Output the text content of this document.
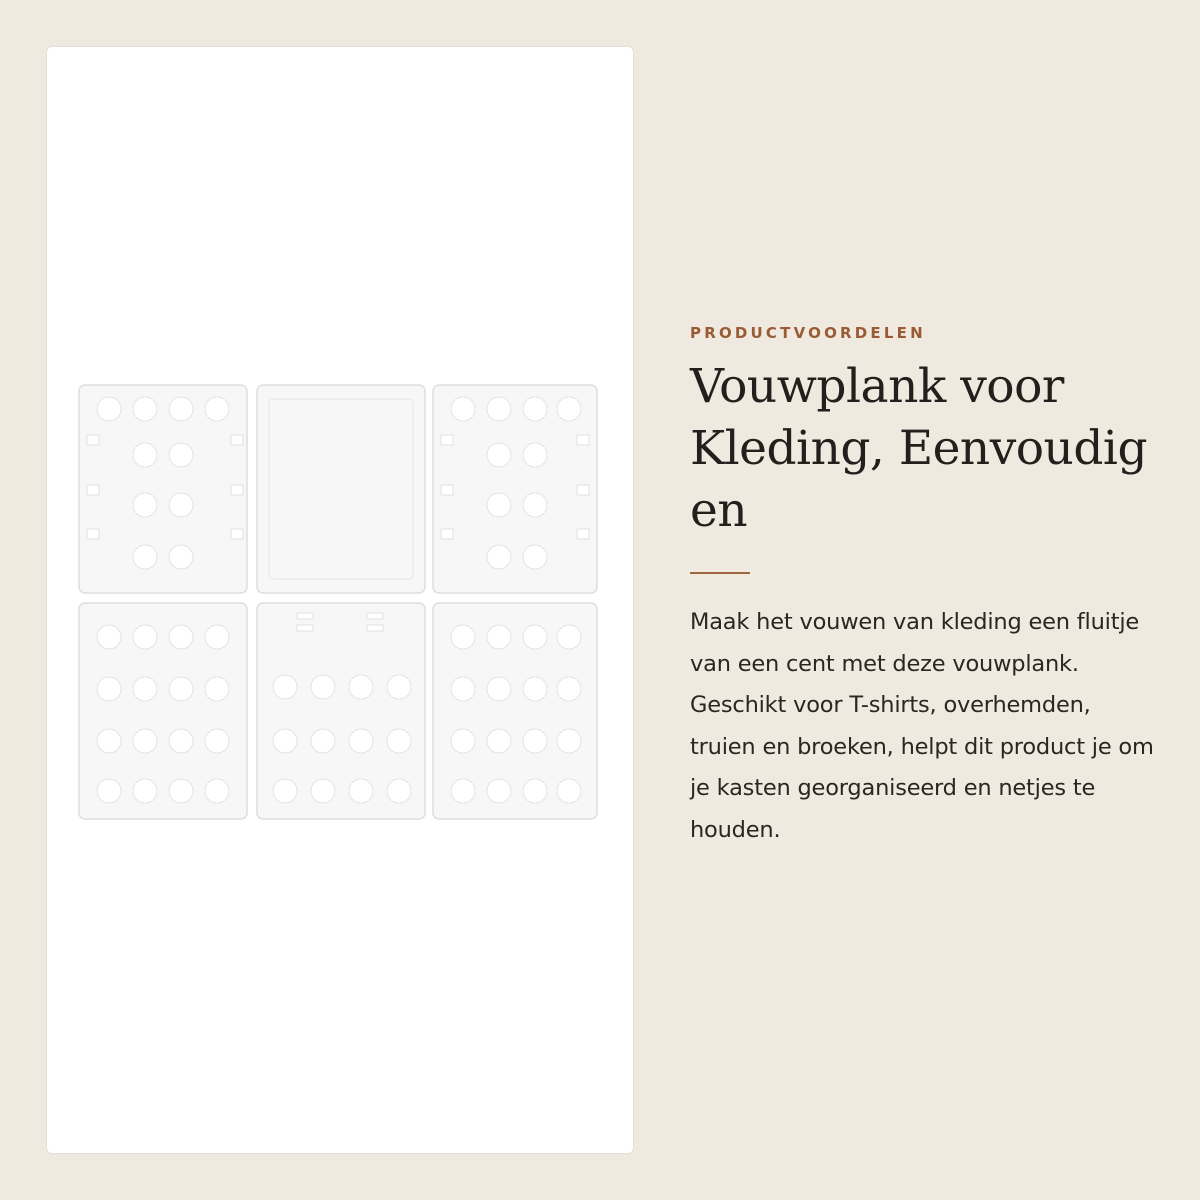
PRODUCTVOORDELEN
Vouwplank voor Kleding, Eenvoudig en

Maak het vouwen van kleding een fluitje van een cent met deze vouwplank. Geschikt voor T-shirts, overhemden, truien en broeken, helpt dit product je om je kasten georganiseerd en netjes te houden.
